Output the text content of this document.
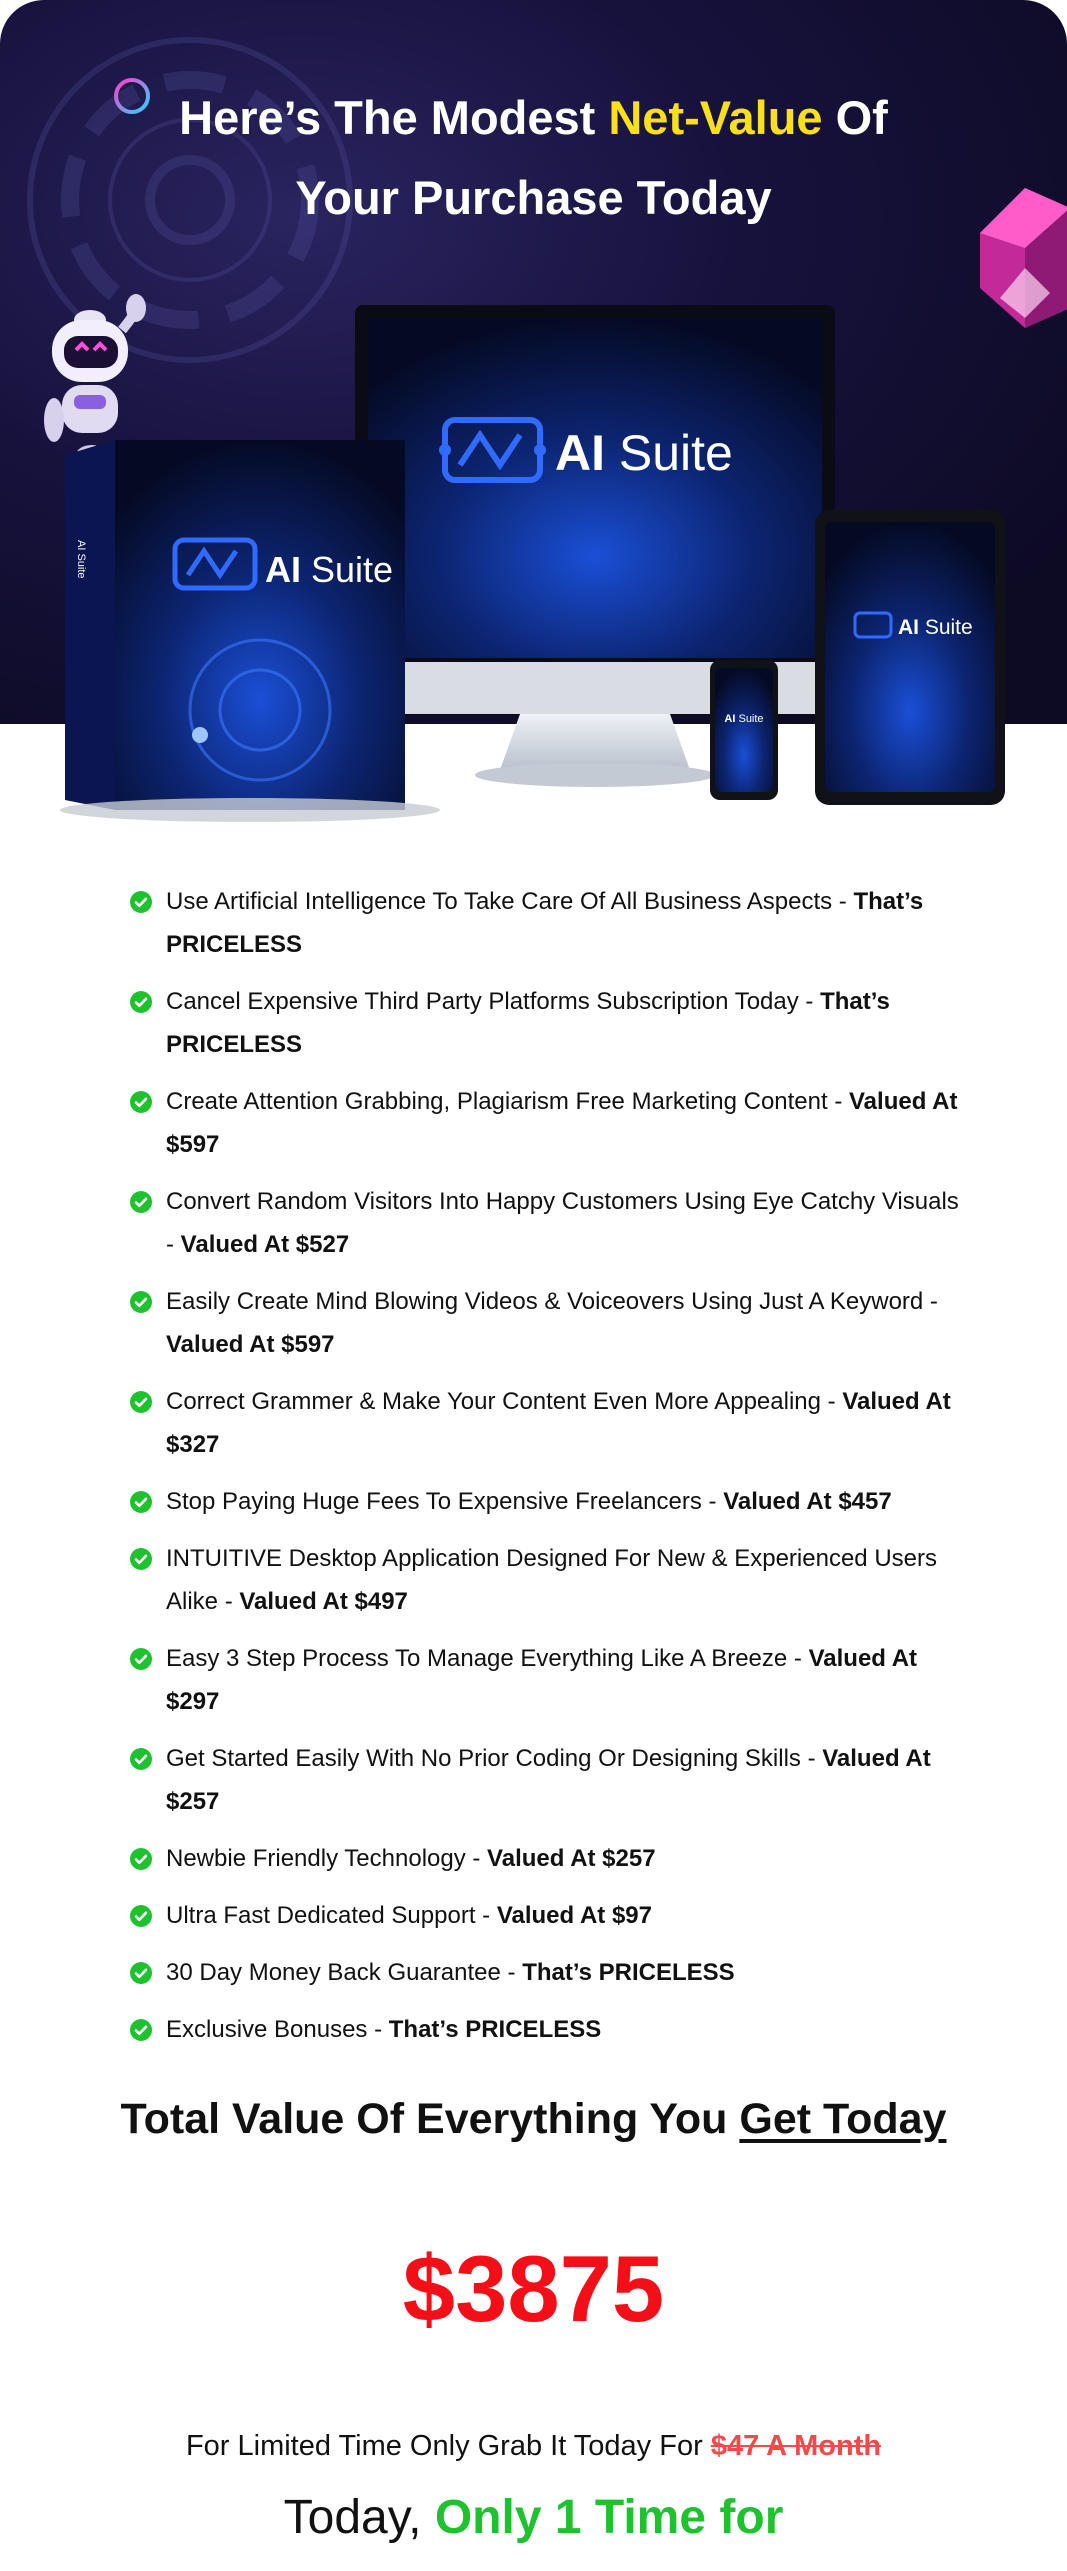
Here’s The Modest Net-Value Of
Your Purchase Today
AI Suite
AI Suite
AI Suite
AI Suite
AI Suite
Use Artificial Intelligence To Take Care Of All Business Aspects - That’s PRICELESS
Cancel Expensive Third Party Platforms Subscription Today - That’s PRICELESS
Create Attention Grabbing, Plagiarism Free Marketing Content - Valued At $597
Convert Random Visitors Into Happy Customers Using Eye Catchy Visuals - Valued At $527
Easily Create Mind Blowing Videos & Voiceovers Using Just A Keyword - Valued At $597
Correct Grammer & Make Your Content Even More Appealing - Valued At $327
Stop Paying Huge Fees To Expensive Freelancers - Valued At $457
INTUITIVE Desktop Application Designed For New & Experienced Users Alike - Valued At $497
Easy 3 Step Process To Manage Everything Like A Breeze - Valued At $297
Get Started Easily With No Prior Coding Or Designing Skills - Valued At $257
Newbie Friendly Technology - Valued At $257
Ultra Fast Dedicated Support - Valued At $97
30 Day Money Back Guarantee - That’s PRICELESS
Exclusive Bonuses - That’s PRICELESS
Total Value Of Everything You Get Today
$3875
For Limited Time Only Grab It Today For $47 A Month
Today, Only 1 Time for
